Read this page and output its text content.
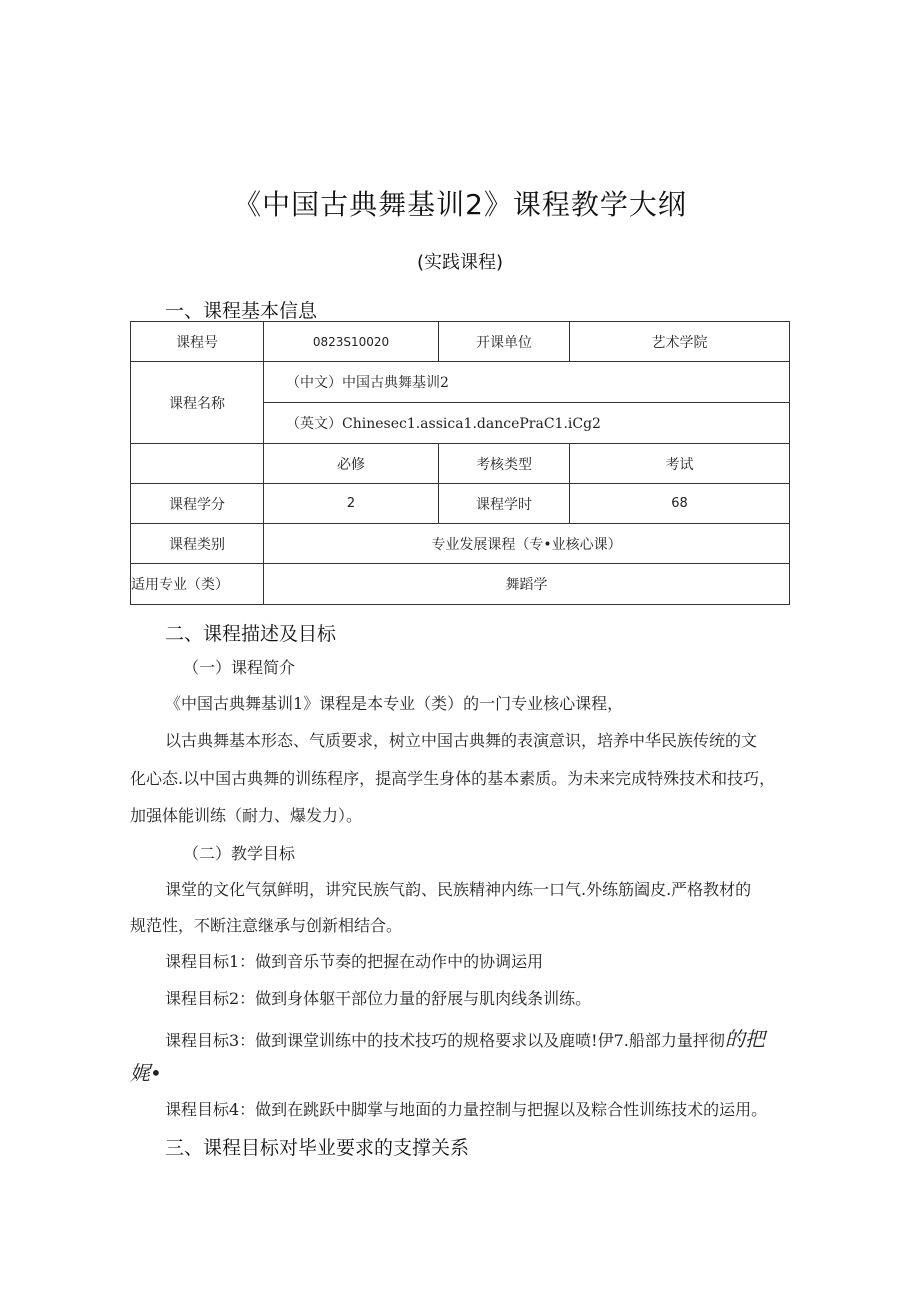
《中国古典舞基训2》课程教学大纲
(实践课程)
一、课程基本信息
课程号	0823S10020	开课单位	艺术学院
课程名称	（中文）中国古典舞基训2		
	（英文）Chinesec1.assica1.dancePraC1.iCg2		
	必修	考核类型	考试
课程学分	2	课程学时	68
课程类别	专业发展课程（专•业核心课）		
适用专业（类）	舞蹈学		
二、课程描述及目标
（一）课程简介
《中国古典舞基训1》课程是本专业（类）的一门专业核心课程，
以古典舞基本形态、气质要求，树立中国古典舞的表演意识，培养中华民族传统的文
化心态.以中国古典舞的训练程序，提高学生身体的基本素质。为未来完成特殊技术和技巧，
加强体能训练（耐力、爆发力）。
（二）教学目标
课堂的文化气氛鲜明，讲究民族气韵、民族精神内练一口气.外练筋阖皮.严格教材的
规范性，不断注意继承与创新相结合。
课程目标1：做到音乐节奏的把握在动作中的协调运用
课程目标2：做到身体躯干部位力量的舒展与肌肉线条训练。
课程目标3：做到课堂训练中的技术技巧的规格要求以及鹿喷!伊7.船部力量抨彻的把
娓•
课程目标4：做到在跳跃中脚掌与地面的力量控制与把握以及粽合性训练技术的运用。
三、课程目标对毕业要求的支撑关系
